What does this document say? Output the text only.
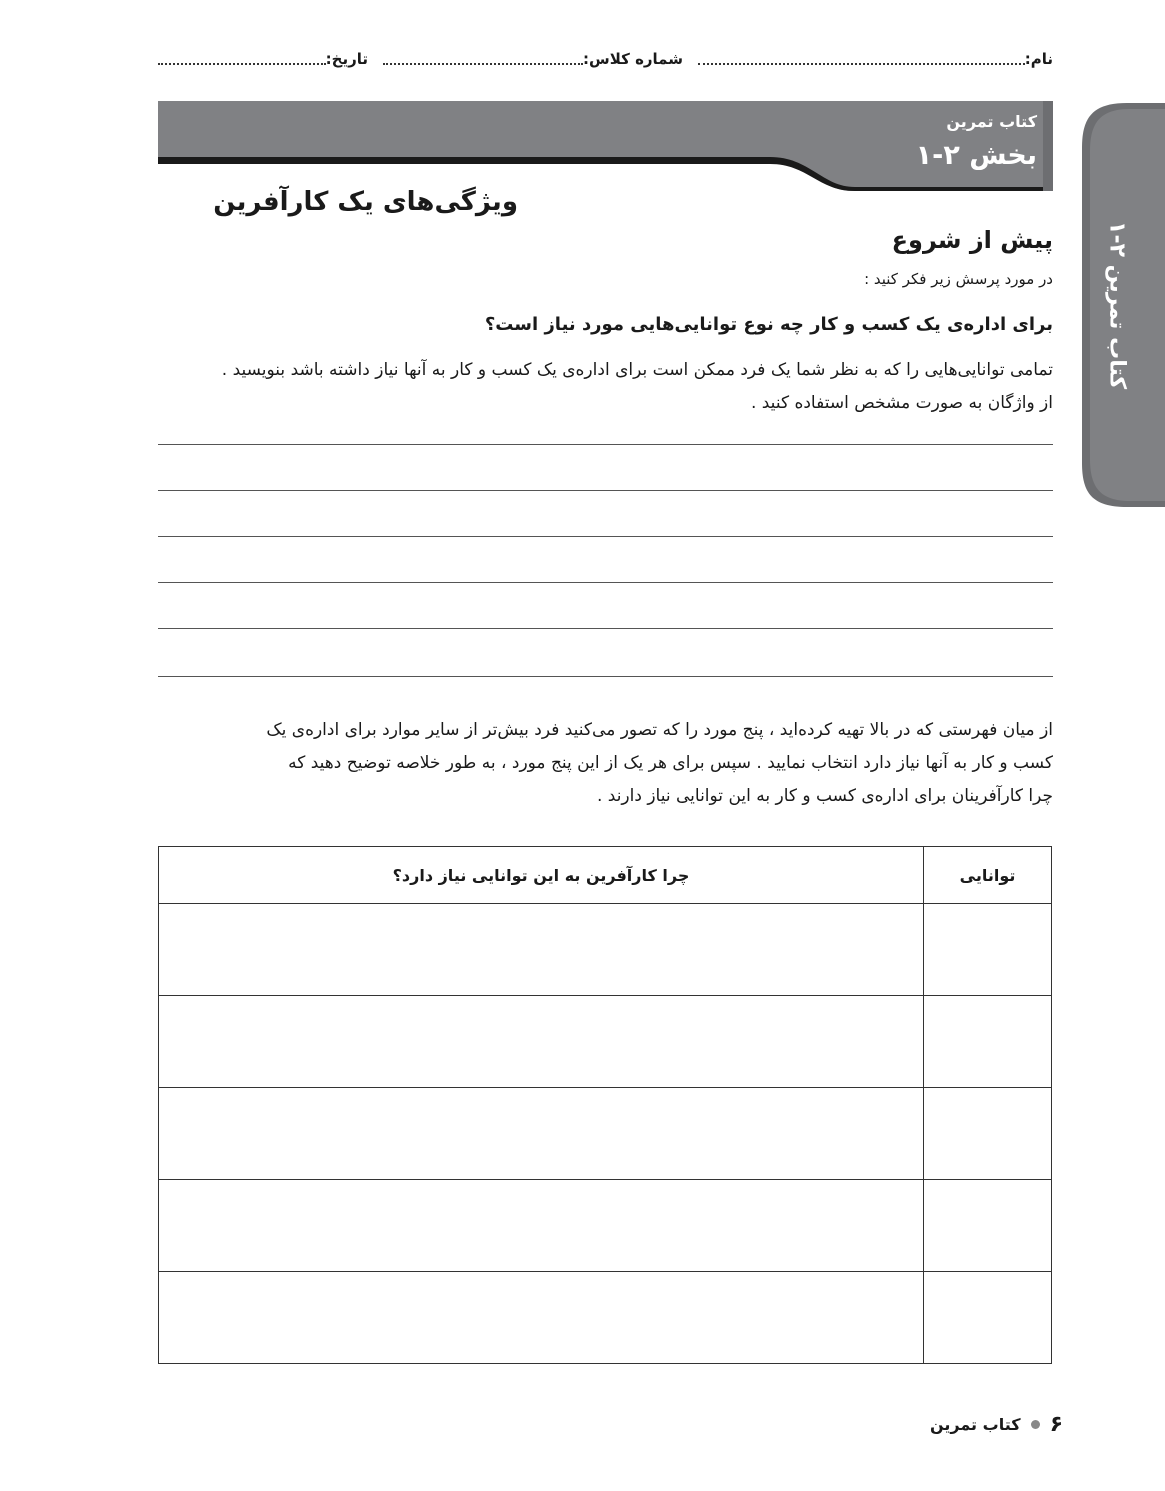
نام:
شماره کلاس:
تاریخ:
کتاب تمرین
بخش ۲-۱
ویژگی‌های یک کارآفرین
کتاب تمرین ۲-۱
پیش از شروع
در مورد پرسش زیر فکر کنید :
برای اداره‌ی یک کسب و کار چه نوع توانایی‌هایی مورد نیاز است؟
تمامی توانایی‌هایی را که به نظر شما یک فرد ممکن است برای اداره‌ی یک کسب و کار به آنها نیاز داشته باشد بنویسید .
از واژگان به صورت مشخص استفاده کنید .
از میان فهرستی که در بالا تهیه کرده‌اید ، پنج مورد را که تصور می‌کنید فرد بیش‌تر از سایر موارد برای اداره‌ی یک
کسب و کار به آنها نیاز دارد انتخاب نمایید . سپس برای هر یک از این پنج مورد ، به طور خلاصه توضیح دهید که
چرا کارآفرینان برای اداره‌ی کسب و کار به این توانایی نیاز دارند .
توانایی	چرا کارآفرین به این توانایی نیاز دارد؟

کتاب تمرین ۶
